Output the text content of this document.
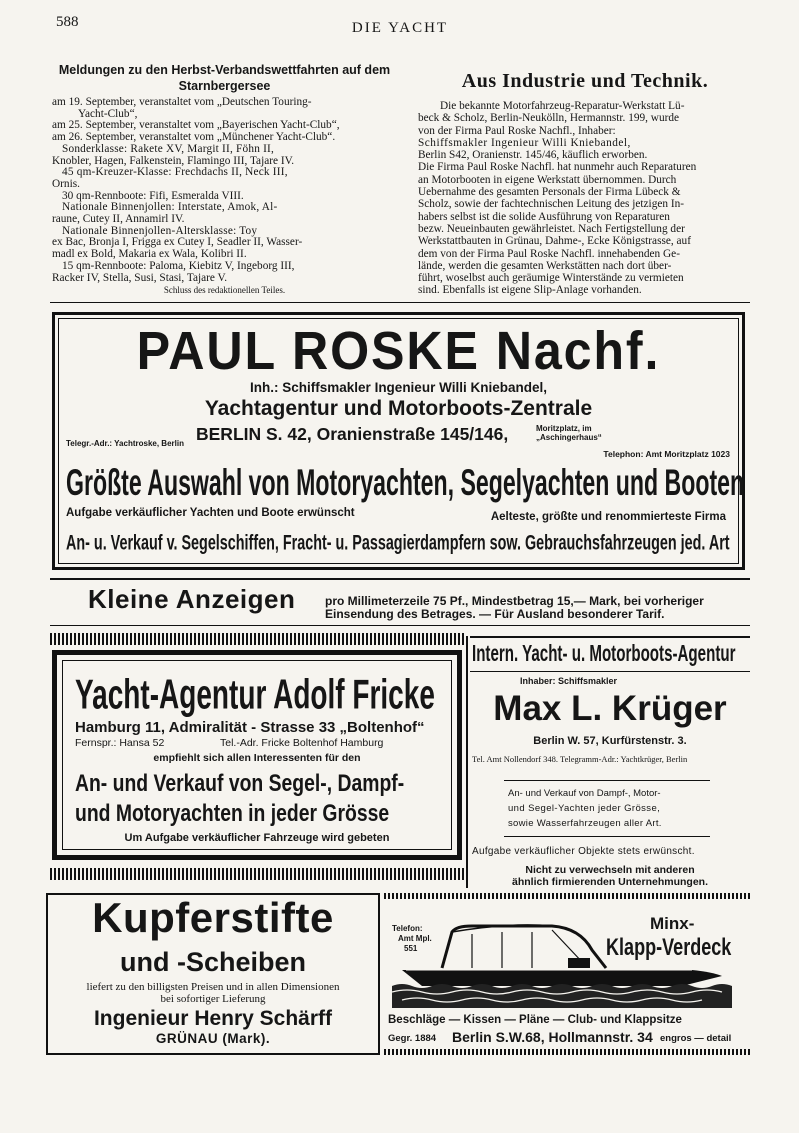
588	DIE YACHT
Meldungen zu den Herbst-Verbandswettfahrten auf dem Starnbergersee
am 19. September, veranstaltet vom „Deutschen Touring-
Yacht-Club“,
am 25. September, veranstaltet vom „Bayerischen Yacht-Club“,
am 26. September, veranstaltet vom „Münchener Yacht-Club“.
Sonderklasse: Rakete XV, Margit II, Föhn II,
Knobler, Hagen, Falkenstein, Flamingo III, Tajare IV.
45 qm-Kreuzer-Klasse: Frechdachs II, Neck III,
Ornis.
30 qm-Rennboote: Fifi, Esmeralda VIII.
Nationale Binnenjollen: Interstate, Amok, Al-
raune, Cutey II, Annamirl IV.
Nationale Binnenjollen-Altersklasse: Toy
ex Bac, Bronja I, Frigga ex Cutey I, Seadler II, Wasser-
madl ex Bold, Makaria ex Wala, Kolibri II.
15 qm-Rennboote: Paloma, Kiebitz V, Ingeborg III,
Racker IV, Stella, Susi, Stasi, Tajare V.
Schluss des redaktionellen Teiles.
Aus Industrie und Technik.
Die bekannte Motorfahrzeug-Reparatur-Werkstatt Lü-
beck & Scholz, Berlin-Neukölln, Hermannstr. 199, wurde
von der Firma Paul Roske Nachfl., Inhaber:
Schiffsmakler Ingenieur Willi Kniebandel,
Berlin S42, Oranienstr. 145/46, käuflich erworben.
Die Firma Paul Roske Nachfl. hat nunmehr auch Reparaturen
an Motorbooten in eigene Werkstatt übernommen. Durch
Uebernahme des gesamten Personals der Firma Lübeck &
Scholz, sowie der fachtechnischen Leitung des jetzigen In-
habers selbst ist die solide Ausführung von Reparaturen
bezw. Neueinbauten gewährleistet. Nach Fertigstellung der
Werkstattbauten in Grünau, Dahme-, Ecke Königstrasse, auf
dem von der Firma Paul Roske Nachfl. innehabenden Ge-
lände, werden die gesamten Werkstätten nach dort über-
führt, woselbst auch geräumige Winterstände zu vermieten
sind. Ebenfalls ist eigene Slip-Anlage vorhanden.
PAUL ROSKE Nachf.
Inh.: Schiffsmakler Ingenieur Willi Kniebandel,
Yachtagentur und Motorboots-Zentrale
BERLIN S. 42, Oranienstraße 145/146,	Moritzplatz, im
„Aschingerhaus“
Telegr.-Adr.: Yachtroske, Berlin
Telephon: Amt Moritzplatz 1023
Größte Auswahl von Motoryachten, Segelyachten und Booten
Aufgabe verkäuflicher Yachten und Boote erwünscht	Aelteste, größte und renommierteste Firma
An- u. Verkauf v. Segelschiffen, Fracht- u. Passagierdampfern sow. Gebrauchsfahrzeugen jed. Art
Kleine Anzeigen pro Millimeterzeile 75 Pf., Mindestbetrag 15,— Mark, bei vorheriger
Einsendung des Betrages. — Für Ausland besonderer Tarif.
Yacht-Agentur Adolf Fricke
Hamburg 11, Admiralität - Strasse 33 „Boltenhof“
Fernspr.: Hansa 52	Tel.-Adr. Fricke Boltenhof Hamburg
empfiehlt sich allen Interessenten für den
An- und Verkauf von Segel-, Dampf-
und Motoryachten in jeder Grösse
Um Aufgabe verkäuflicher Fahrzeuge wird gebeten
Intern. Yacht- u. Motorboots-Agentur
Inhaber: Schiffsmakler
Max L. Krüger
Berlin W. 57, Kurfürstenstr. 3.
Tel. Amt Nollendorf 348. Telegramm-Adr.: Yachtkrüger, Berlin
An- und Verkauf von Dampf-, Motor-
und Segel-Yachten jeder Grösse,
sowie Wasserfahrzeugen aller Art.
Aufgabe verkäuflicher Objekte stets erwünscht.
Nicht zu verwechseln mit anderen
ähnlich firmierenden Unternehmungen.
Kupferstifte
und -Scheiben
liefert zu den billigsten Preisen und in allen Dimensionen
bei sofortiger Lieferung
Ingenieur Henry Schärff
GRÜNAU (Mark).
Telefon:
Amt Mpl.
551
Minx-
Klapp-Verdeck
Beschläge — Kissen — Pläne — Club- und Klappsitze
Gegr. 1884 Berlin S.W.68, Hollmannstr. 34 engros — detail
